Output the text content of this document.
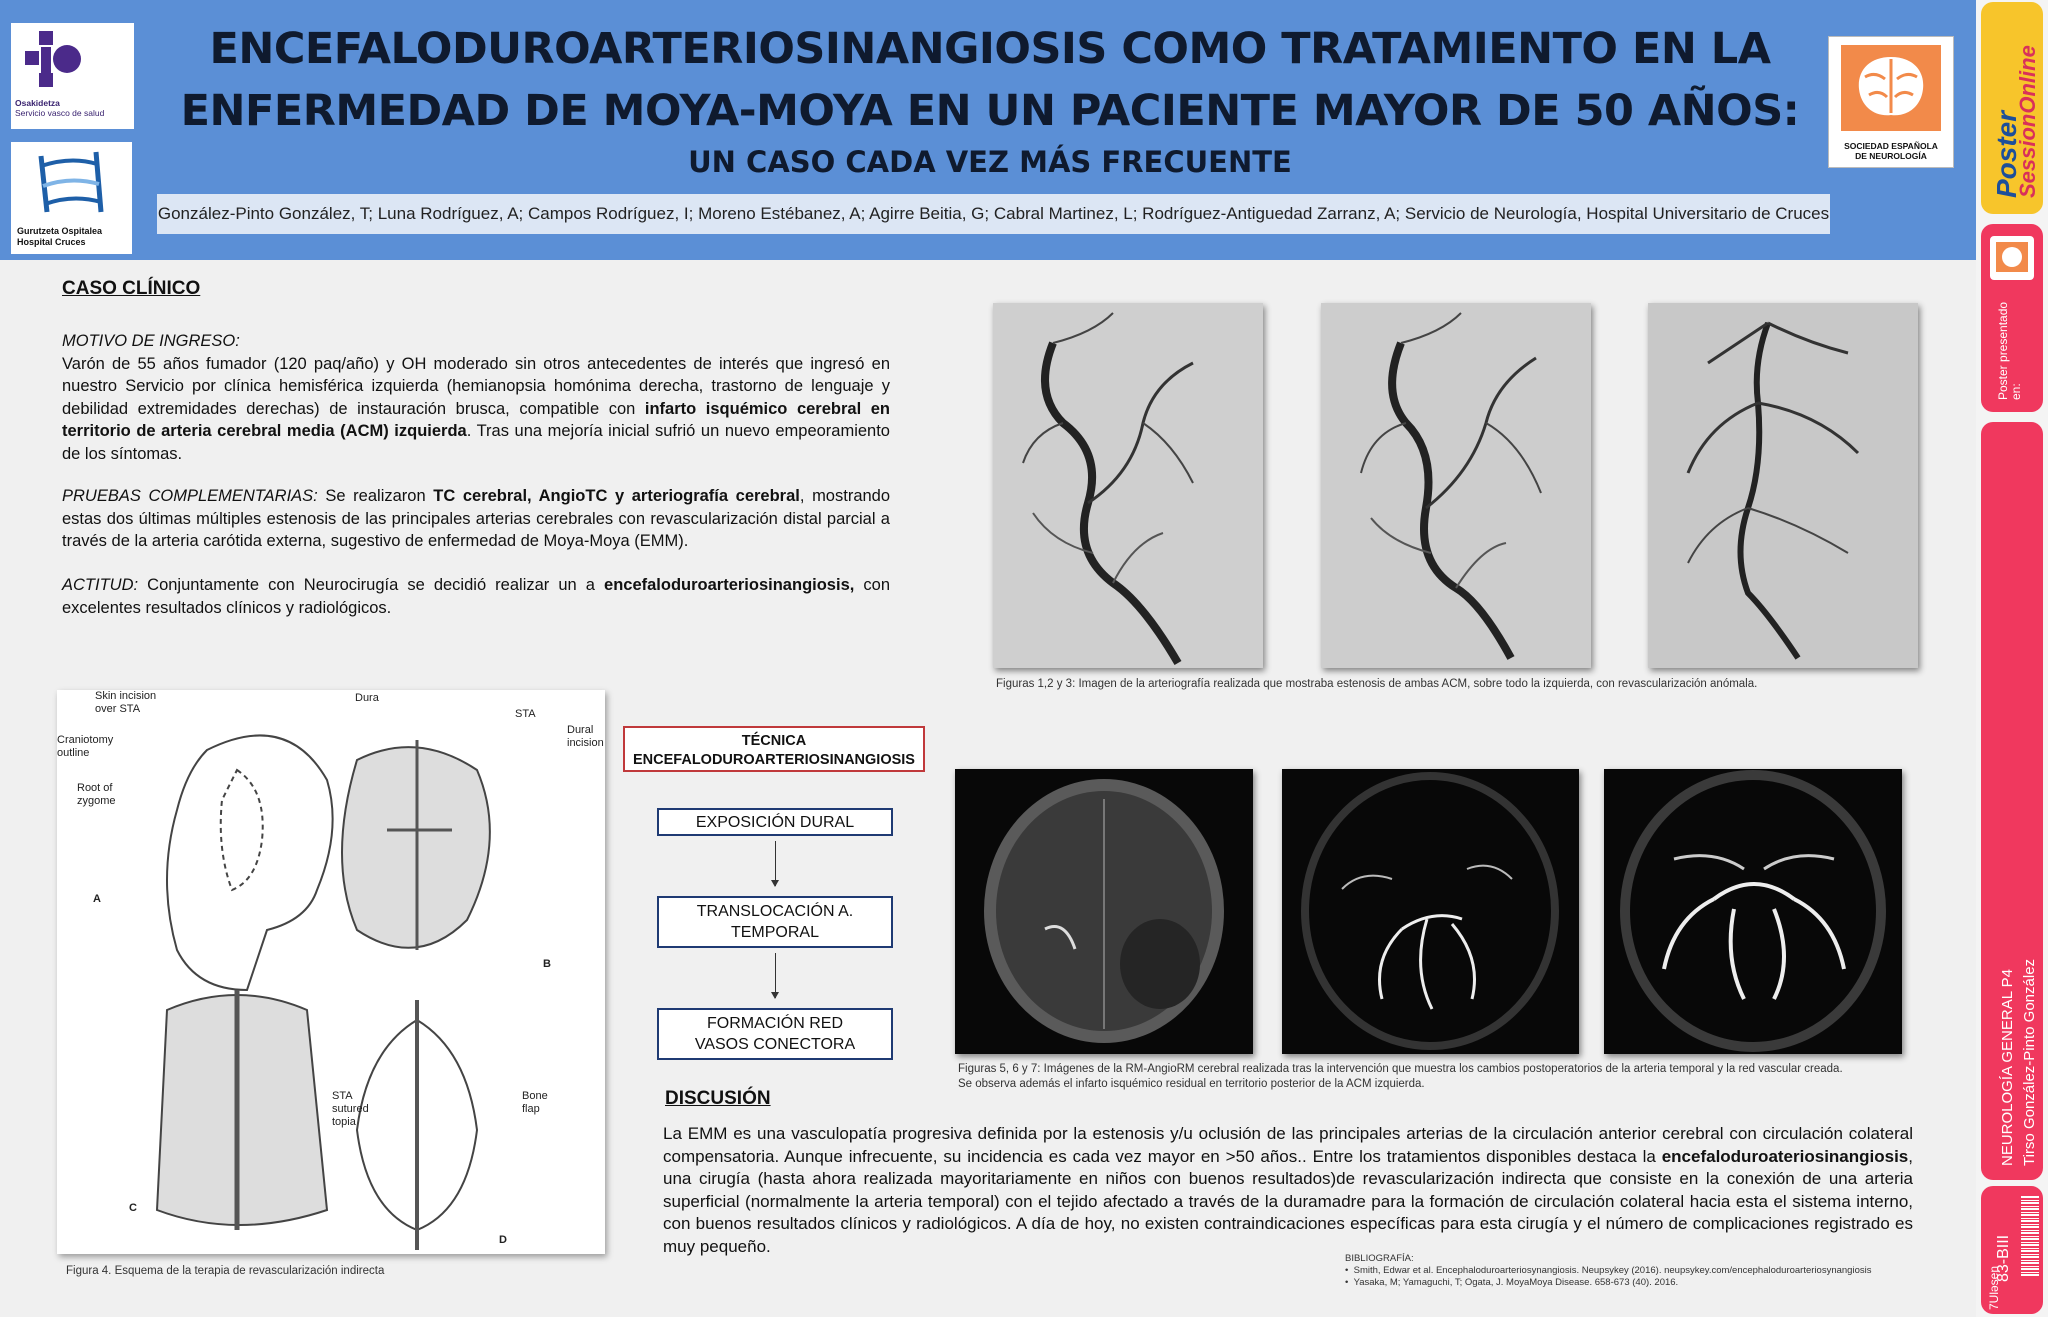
Osakidetza
Servicio vasco de salud
Gurutzeta Ospitalea
Hospital Cruces
ENCEFALODUROARTERIOSINANGIOSIS COMO TRATAMIENTO EN LA
ENFERMEDAD DE MOYA-MOYA EN UN PACIENTE MAYOR DE 50 AÑOS:
UN CASO CADA VEZ MÁS FRECUENTE
González-Pinto González, T; Luna Rodríguez, A; Campos Rodríguez, I; Moreno Estébanez, A; Agirre Beitia, G; Cabral Martinez, L; Rodríguez-Antiguedad Zarranz, A; Servicio de Neurología, Hospital Universitario de Cruces
SOCIEDAD ESPAÑOLA
DE NEUROLOGÍA	Poster
SessionOnline
Poster presentado en:
NEUROLOGÍA GENERAL P4 Tirso González-Pinto González
83-BIII
7Uləsen
CASO CLÍNICO
MOTIVO DE INGRESO:
Varón de 55 años fumador (120 paq/año) y OH moderado sin otros antecedentes de interés que ingresó en nuestro Servicio por clínica hemisférica izquierda (hemianopsia homónima derecha, trastorno de lenguaje y debilidad extremidades derechas) de instauración brusca, compatible con infarto isquémico cerebral en territorio de arteria cerebral media (ACM) izquierda. Tras una mejoría inicial sufrió un nuevo empeoramiento de los síntomas.
PRUEBAS COMPLEMENTARIAS: Se realizaron TC cerebral, AngioTC y arteriografía cerebral, mostrando estas dos últimas múltiples estenosis de las principales arterias cerebrales con revascularización distal parcial a través de la arteria carótida externa, sugestivo de enfermedad de Moya-Moya (EMM).
ACTITUD: Conjuntamente con Neurocirugía se decidió realizar un a encefaloduroarteriosinangiosis, con excelentes resultados clínicos y radiológicos.
Figuras 1,2 y 3: Imagen de la arteriografía realizada que mostraba estenosis de ambas ACM, sobre todo la izquierda, con revascularización anómala.
Figuras 5, 6 y 7: Imágenes de la RM-AngioRM cerebral realizada tras la intervención que muestra los cambios postoperatorios de la arteria temporal y la red vascular creada. Se observa además el infarto isquémico residual en territorio posterior de la ACM izquierda.
Skin incision over STA
Craniotomy outline
Root of zygome
Dura
STA
Dural incision
STA sutured topia
Bone flap
A
B
C
D
Figura 4. Esquema de la terapia de revascularización indirecta
TÉCNICA
ENCEFALODUROARTERIOSINANGIOSIS
EXPOSICIÓN DURAL
TRANSLOCACIÓN A. TEMPORAL
FORMACIÓN RED VASOS CONECTORA
DISCUSIÓN
La EMM es una vasculopatía progresiva definida por la estenosis y/u oclusión de las principales arterias de la circulación anterior cerebral con circulación colateral compensatoria. Aunque infrecuente, su incidencia es cada vez mayor en >50 años.. Entre los tratamientos disponibles destaca la encefaloduroateriosinangiosis, una cirugía (hasta ahora realizada mayoritariamente en niños con buenos resultados)de revascularización indirecta que consiste en la conexión de una arteria superficial (normalmente la arteria temporal) con el tejido afectado a través de la duramadre para la formación de circulación colateral hacia esta el sistema interno, con buenos resultados clínicos y radiológicos. A día de hoy, no existen contraindicaciones específicas para esta cirugía y el número de complicaciones registrado es muy pequeño.
BIBLIOGRAFÍA:
•  Smith, Edwar et al. Encephaloduroarteriosynangiosis. Neupsykey (2016). neupsykey.com/encephaloduroarteriosynangiosis
•  Yasaka, M; Yamaguchi, T; Ogata, J. MoyaMoya Disease. 658-673 (40). 2016.
